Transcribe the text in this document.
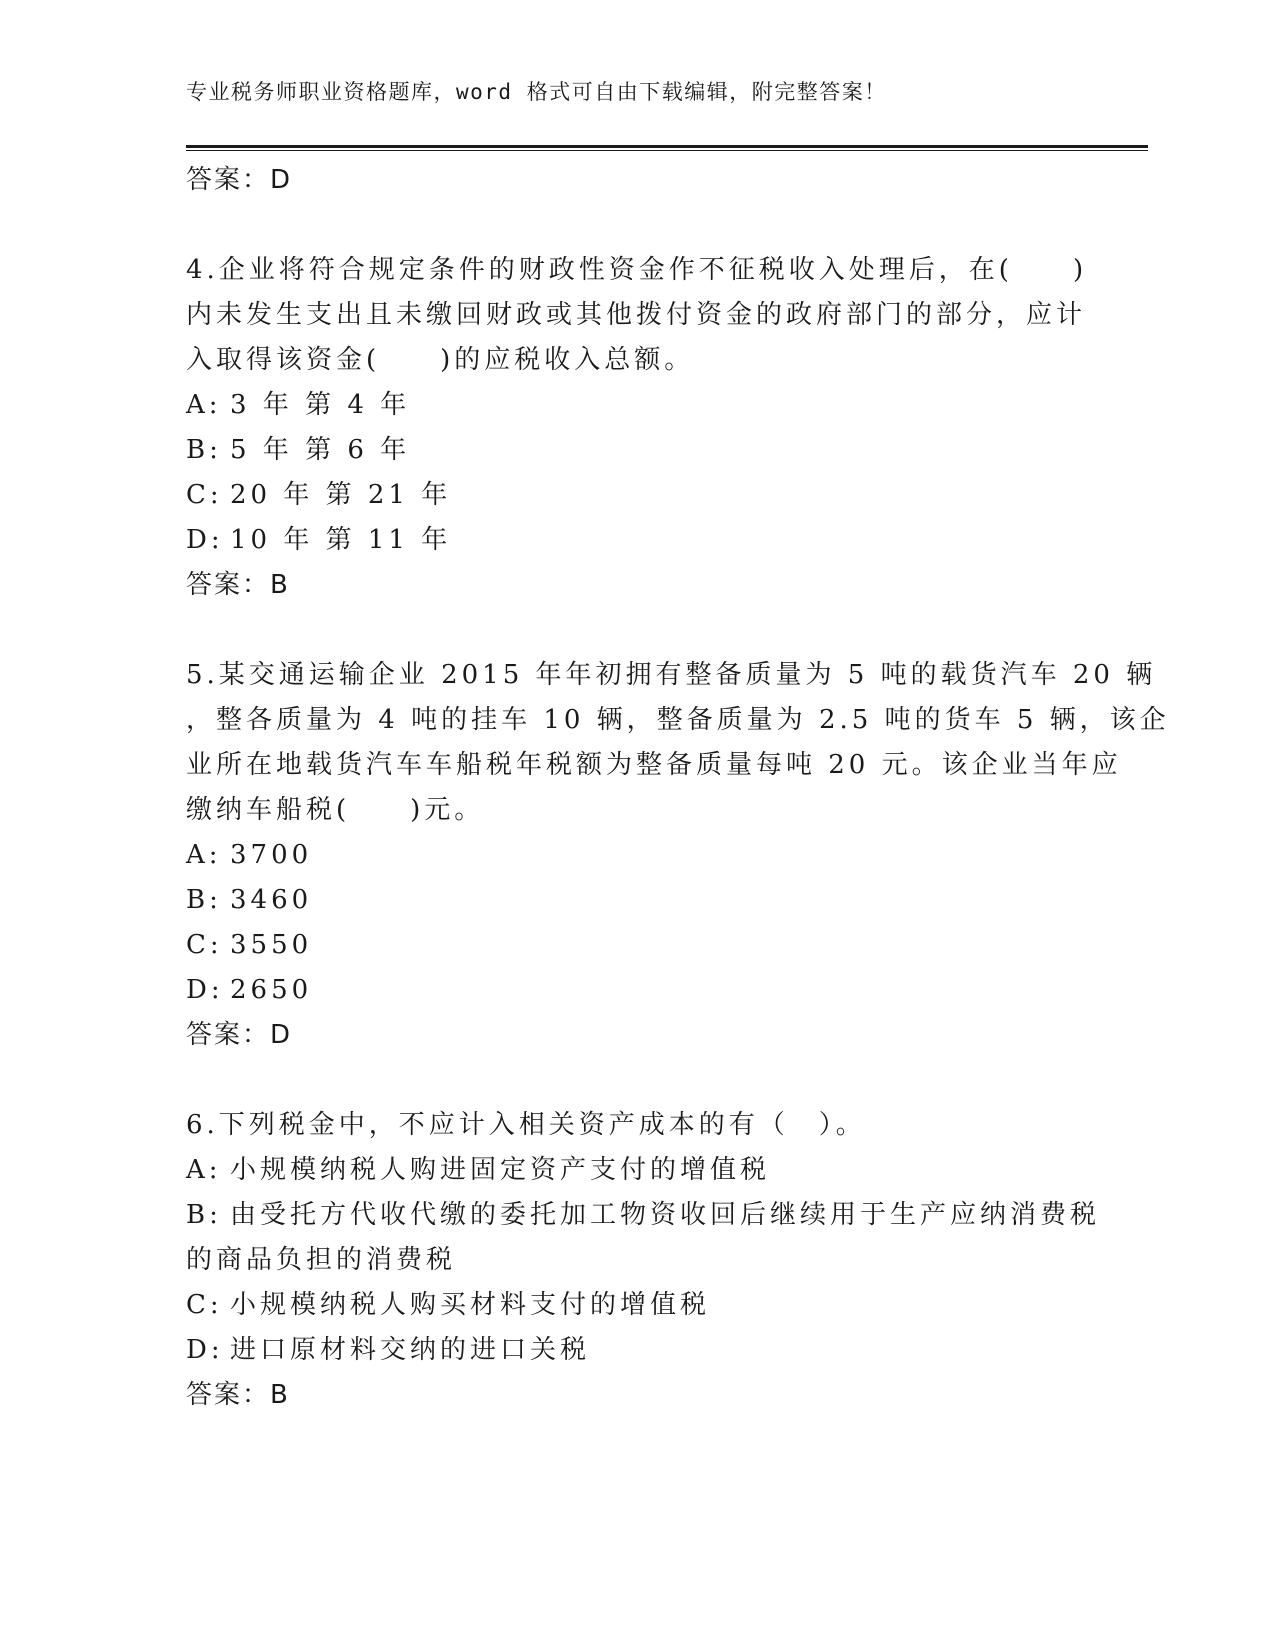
专业税务师职业资格题库，word 格式可自由下载编辑，附完整答案！
答案：D
4.企业将符合规定条件的财政性资金作不征税收入处理后，在(　　)
内未发生支出且未缴回财政或其他拨付资金的政府部门的部分，应计
入取得该资金(　　)的应税收入总额。
A: 3 年 第 4 年
B: 5 年 第 6 年
C: 20 年 第 21 年
D: 10 年 第 11 年
答案：B
5.某交通运输企业 2015 年年初拥有整备质量为 5 吨的载货汽车 20 辆
，整各质量为 4 吨的挂车 10 辆，整备质量为 2.5 吨的货车 5 辆，该企
业所在地载货汽车车船税年税额为整备质量每吨 20 元。该企业当年应
缴纳车船税(　　)元。
A: 3700
B: 3460
C: 3550
D: 2650
答案：D
6.下列税金中，不应计入相关资产成本的有（　）。
A: 小规模纳税人购进固定资产支付的增值税
B: 由受托方代收代缴的委托加工物资收回后继续用于生产应纳消费税
的商品负担的消费税
C: 小规模纳税人购买材料支付的增值税
D: 进口原材料交纳的进口关税
答案：B
